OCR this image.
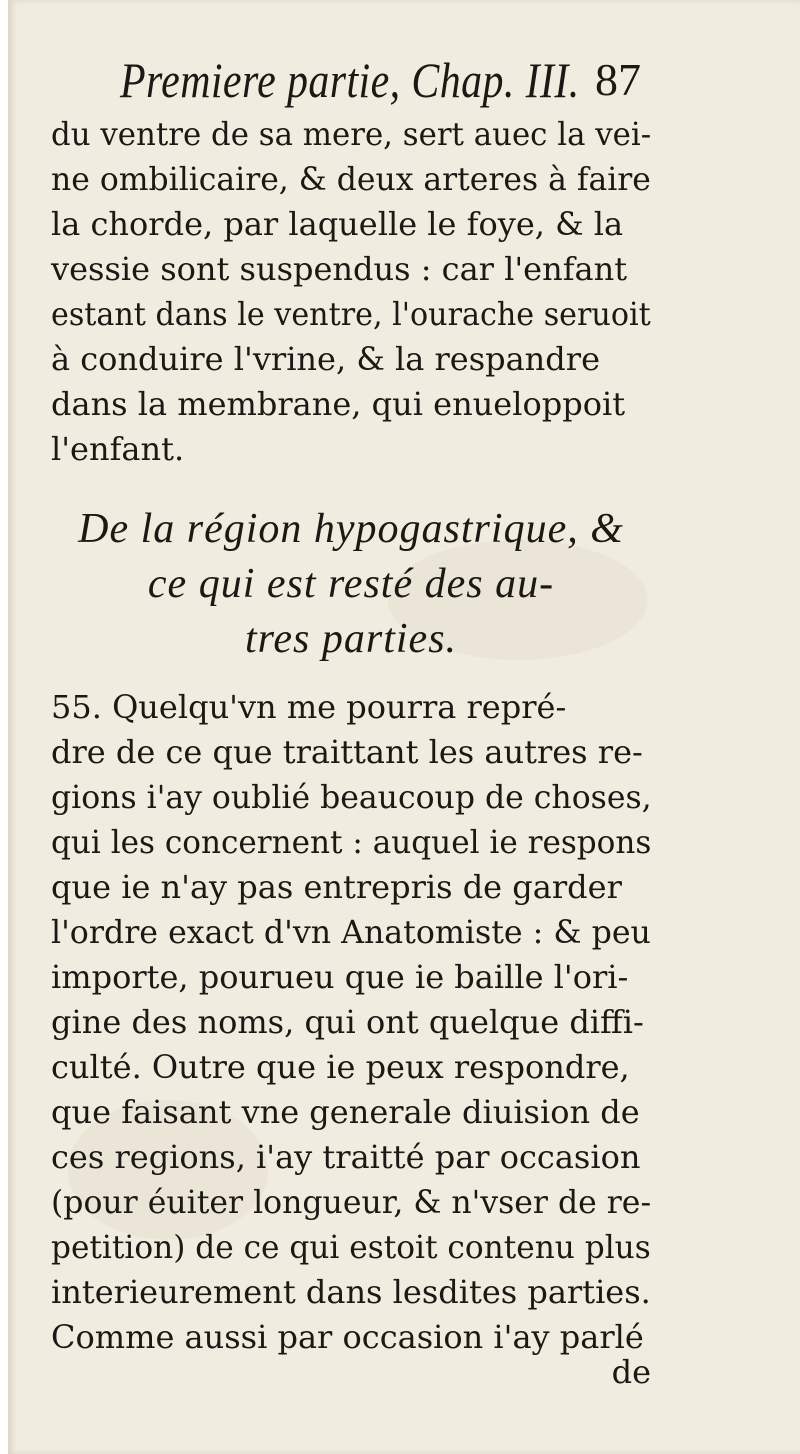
Premiere partie, Chap. III. 87
du ventre de sa mere, sert auec la vei-
ne ombilicaire, & deux arteres à faire
la chorde, par laquelle le foye, & la
vessie sont suspendus : car l'enfant
estant dans le ventre, l'ourache seruoit
à conduire l'vrine, & la respandre
dans la membrane, qui enueloppoit
l'enfant.
De la région hypogastrique, &
ce qui est resté des au-
tres parties.
55. Quelqu'vn me pourra repré-
dre de ce que traittant les autres re-
gions i'ay oublié beaucoup de choses,
qui les concernent : auquel ie respons
que ie n'ay pas entrepris de garder
l'ordre exact d'vn Anatomiste : & peu
importe, pourueu que ie baille l'ori-
gine des noms, qui ont quelque diffi-
culté. Outre que ie peux respondre,
que faisant vne generale diuision de
ces regions, i'ay traitté par occasion
(pour éuiter longueur, & n'vser de re-
petition) de ce qui estoit contenu plus
interieurement dans lesdites parties.
Comme aussi par occasion i'ay parlé
de
